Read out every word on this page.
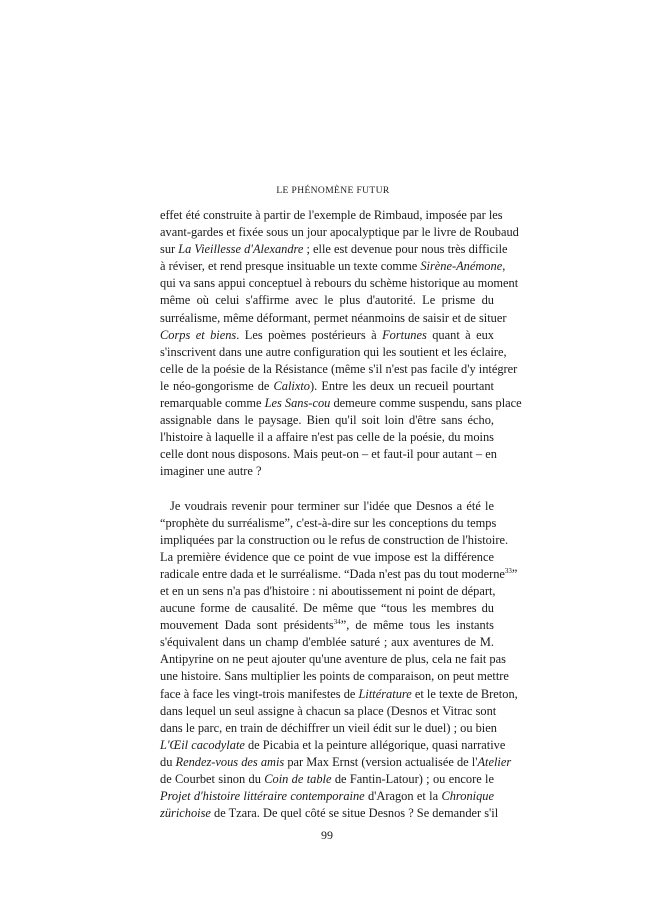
LE PHÉNOMÈNE FUTUR
effet été construite à partir de l'exemple de Rimbaud, imposée par les
avant-gardes et fixée sous un jour apocalyptique par le livre de Roubaud
sur La Vieillesse d'Alexandre ; elle est devenue pour nous très difficile
à réviser, et rend presque insituable un texte comme Sirène-Anémone,
qui va sans appui conceptuel à rebours du schème historique au moment
même où celui s'affirme avec le plus d'autorité. Le prisme du
surréalisme, même déformant, permet néanmoins de saisir et de situer
Corps et biens. Les poèmes postérieurs à Fortunes quant à eux
s'inscrivent dans une autre configuration qui les soutient et les éclaire,
celle de la poésie de la Résistance (même s'il n'est pas facile d'y intégrer
le néo-gongorisme de Calixto). Entre les deux un recueil pourtant
remarquable comme Les Sans-cou demeure comme suspendu, sans place
assignable dans le paysage. Bien qu'il soit loin d'être sans écho,
l'histoire à laquelle il a affaire n'est pas celle de la poésie, du moins
celle dont nous disposons. Mais peut-on – et faut-il pour autant – en
imaginer une autre ?
Je voudrais revenir pour terminer sur l'idée que Desnos a été le
“prophète du surréalisme”, c'est-à-dire sur les conceptions du temps
impliquées par la construction ou le refus de construction de l'histoire.
La première évidence que ce point de vue impose est la différence
radicale entre dada et le surréalisme. “Dada n'est pas du tout moderne$^{33}$”
et en un sens n'a pas d'histoire : ni aboutissement ni point de départ,
aucune forme de causalité. De même que “tous les membres du
mouvement Dada sont présidents$^{34}$”, de même tous les instants
s'équivalent dans un champ d'emblée saturé ; aux aventures de M.
Antipyrine on ne peut ajouter qu'une aventure de plus, cela ne fait pas
une histoire. Sans multiplier les points de comparaison, on peut mettre
face à face les vingt-trois manifestes de Littérature et le texte de Breton,
dans lequel un seul assigne à chacun sa place (Desnos et Vitrac sont
dans le parc, en train de déchiffrer un vieil édit sur le duel) ; ou bien
L'Œil cacodylate de Picabia et la peinture allégorique, quasi narrative
du Rendez-vous des amis par Max Ernst (version actualisée de l'Atelier
de Courbet sinon du Coin de table de Fantin-Latour) ; ou encore le
Projet d'histoire littéraire contemporaine d'Aragon et la Chronique
zürichoise de Tzara. De quel côté se situe Desnos ? Se demander s'il
99
